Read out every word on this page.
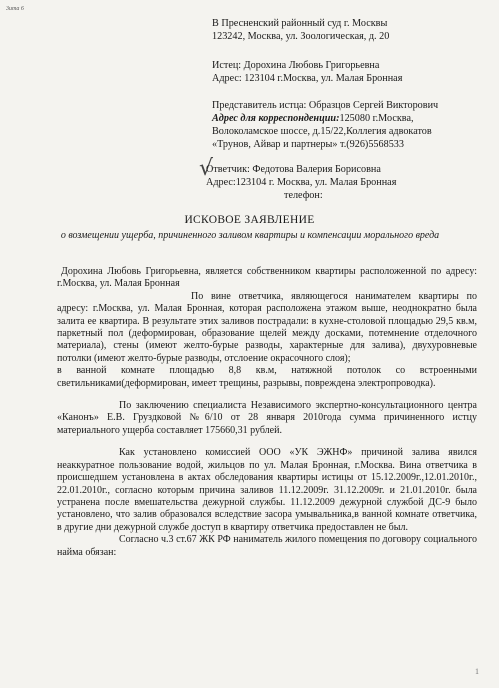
3ита 6
В Пресненский районный суд г. Москвы
123242, Москва, ул. Зоологическая, д. 20
Истец: Дорохина Любовь Григорьевна
Адрес: 123104 г.Москва, ул. Малая Бронная
Представитель истца: Образцов Сергей Викторович
Адрес для корреспонденции:125080 г.Москва,
Волоколамское шоссе, д.15/22,Коллегия адвокатов
«Трунов, Айвар и партнеры» т.(926)5568533
√
Ответчик: Федотова Валерия Борисовна
Адрес:123104 г. Москва, ул. Малая Бронная
телефон:
ИСКОВОЕ ЗАЯВЛЕНИЕ
о возмещении ущерба, причиненного заливом квартиры и компенсации морального вреда

Дорохина Любовь Григорьевна, является собственником квартиры расположенной по адресу: г.Москва, ул. Малая Бронная

По вине ответчика, являющегося нанимателем квартиры по адресу: г.Москва, ул. Малая Бронная, которая расположена этажом выше, неоднократно была залита ее квартира. В результате этих заливов пострадали: в кухне-столовой площадью 29,5 кв.м, паркетный пол (деформирован, образование щелей между досками, потемнение отделочного материала), стены (имеют желто-бурые разводы, характерные для залива), двухуровневые потолки (имеют желто-бурые разводы, отслоение окрасочного слоя);

в ванной комнате площадью 8,8 кв.м, натяжной потолок со встроенными светильниками(деформирован, имеет трещины, разрывы, повреждена электропроводка).

По заключению специалиста Независимого экспертно-консультационного центра «Канонъ» Е.В. Груздковой №6/10 от 28 января 2010года сумма причиненного истцу материального ущерба составляет 175660,31 рублей.

Как установлено комиссией ООО «УК ЭЖНФ» причиной залива явился неаккуратное пользование водой, жильцов по ул. Малая Бронная, г.Москва. Вина ответчика в происшедшем установлена в актах обследования квартиры истицы от 15.12.2009г.,12.01.2010г., 22.01.2010г., согласно которым причина заливов 11.12.2009г. 31.12.2009г. и 21.01.2010г. была устранена после вмешательства дежурной службы. 11.12.2009 дежурной службой ДС-9 было установлено, что залив образовался вследствие засора умывальника,в ванной комнате ответчика, в другие дни дежурной службе доступ в квартиру ответчика предоставлен не был.

Согласно ч.3 ст.67 ЖК РФ наниматель жилого помещения по договору социального найма обязан:

1
